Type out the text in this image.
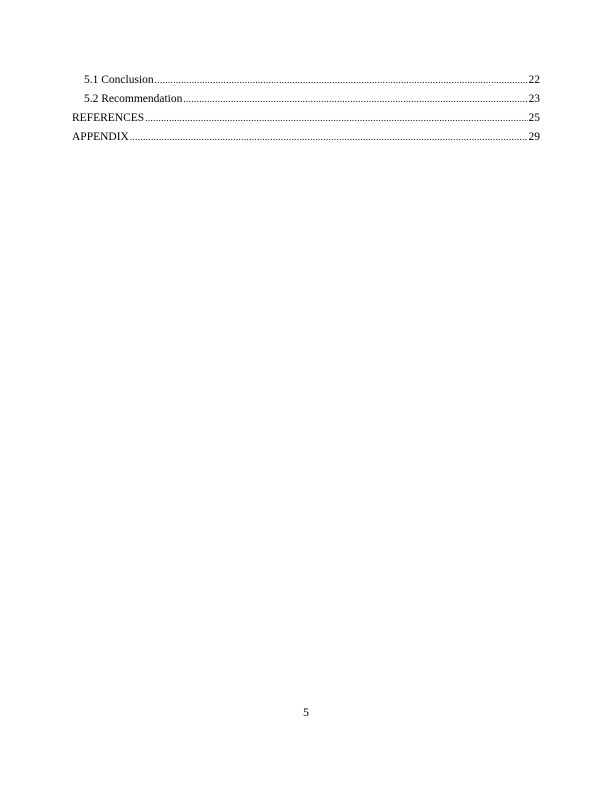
5.1 Conclusion .....	22
5.2 Recommendation .....	23
REFERENCES .....	25
APPENDIX .....	29
5
